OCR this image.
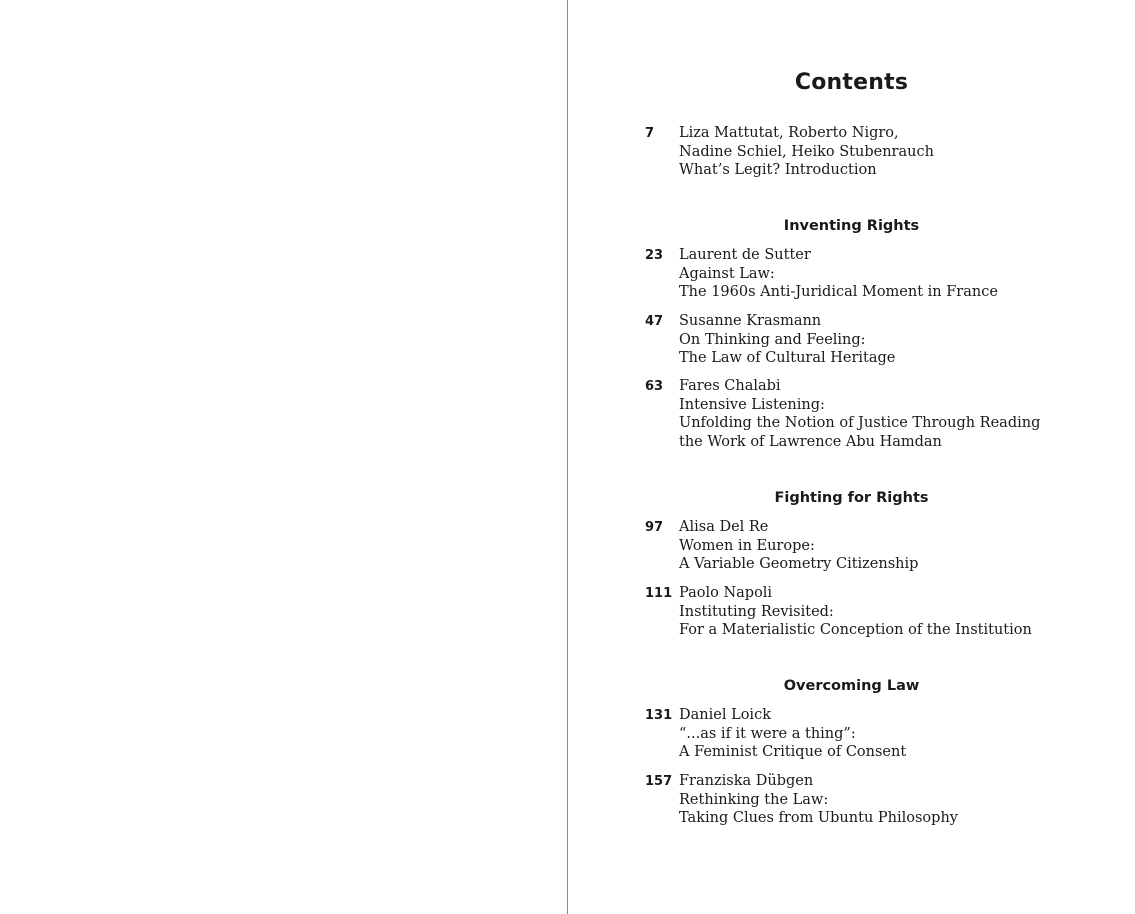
Contents
7	Liza Mattutat, Roberto Nigro,
Nadine Schiel, Heiko Stubenrauch
What’s Legit? Introduction
Inventing Rights
23	Laurent de Sutter
Against Law:
The 1960s Anti-Juridical Moment in France
47	Susanne Krasmann
On Thinking and Feeling:
The Law of Cultural Heritage
63	Fares Chalabi
Intensive Listening:
Unfolding the Notion of Justice Through Reading
the Work of Lawrence Abu Hamdan
Fighting for Rights
97	Alisa Del Re
Women in Europe:
A Variable Geometry Citizenship
111 Paolo Napoli
Instituting Revisited:
For a Materialistic Conception of the Institution
Overcoming Law
131 Daniel Loick
“...as if it were a thing”:
A Feminist Critique of Consent
157 Franziska Dübgen
Rethinking the Law:
Taking Clues from Ubuntu Philosophy
